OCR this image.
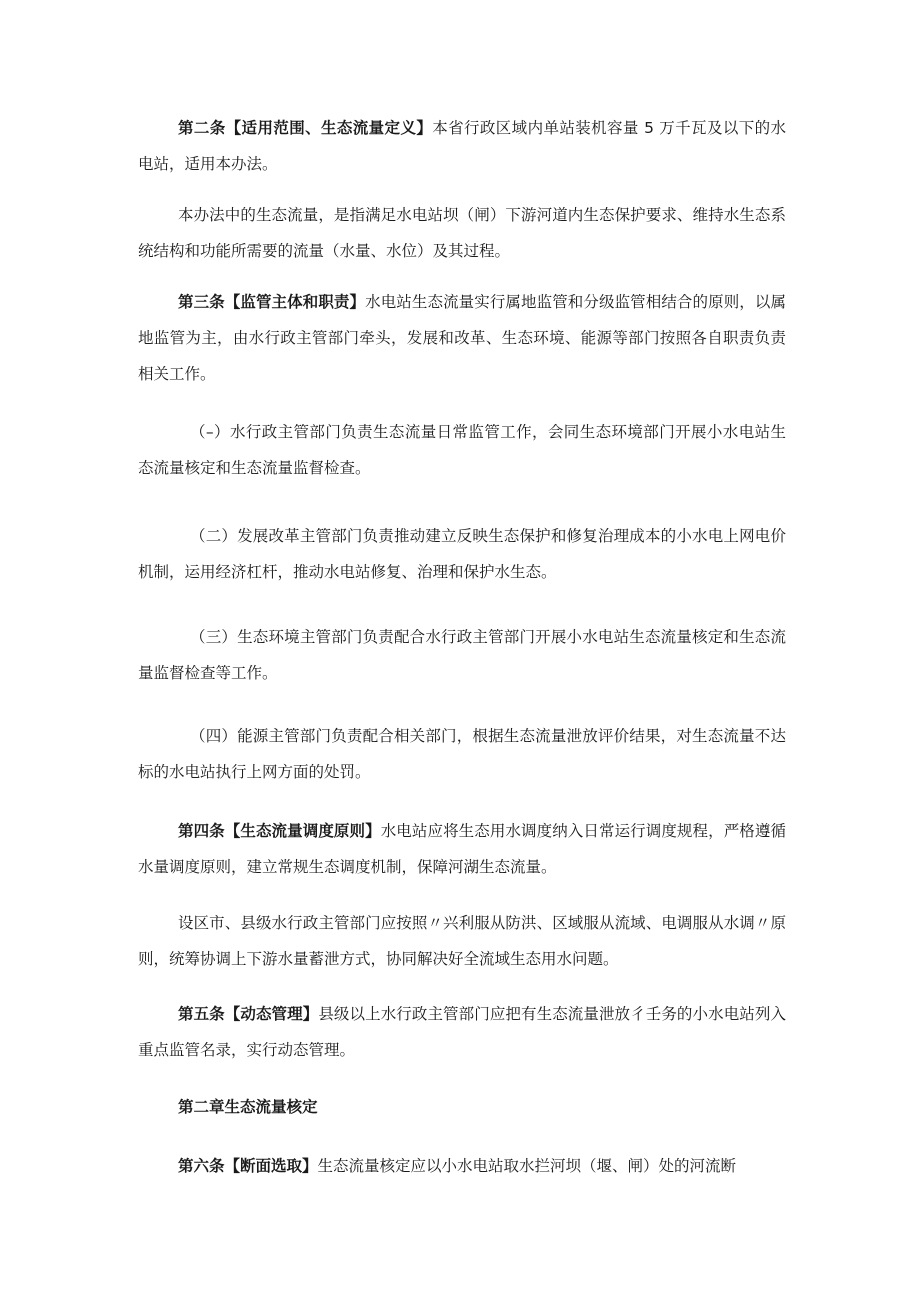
第二条【适用范围、生态流量定义】本省行政区域内单站装机容量 5 万千瓦及以下的水电站，适用本办法。

本办法中的生态流量，是指满足水电站坝（闸）下游河道内生态保护要求、维持水生态系统结构和功能所需要的流量（水量、水位）及其过程。

第三条【监管主体和职责】水电站生态流量实行属地监管和分级监管相结合的原则，以属地监管为主，由水行政主管部门牵头，发展和改革、生态环境、能源等部门按照各自职责负责相关工作。

（–）水行政主管部门负责生态流量日常监管工作，会同生态环境部门开展小水电站生态流量核定和生态流量监督检查。

（二）发展改革主管部门负责推动建立反映生态保护和修复治理成本的小水电上网电价机制，运用经济杠杆，推动水电站修复、治理和保护水生态。

（三）生态环境主管部门负责配合水行政主管部门开展小水电站生态流量核定和生态流量监督检查等工作。

（四）能源主管部门负责配合相关部门，根据生态流量泄放评价结果，对生态流量不达标的水电站执行上网方面的处罚。

第四条【生态流量调度原则】水电站应将生态用水调度纳入日常运行调度规程，严格遵循水量调度原则，建立常规生态调度机制，保障河湖生态流量。

设区市、县级水行政主管部门应按照〃兴利服从防洪、区域服从流域、电调服从水调〃原则，统筹协调上下游水量蓄泄方式，协同解决好全流域生态用水问题。

第五条【动态管理】县级以上水行政主管部门应把有生态流量泄放彳壬务的小水电站列入重点监管名录，实行动态管理。

第二章生态流量核定

第六条【断面选取】生态流量核定应以小水电站取水拦河坝（堰、闸）处的河流断
